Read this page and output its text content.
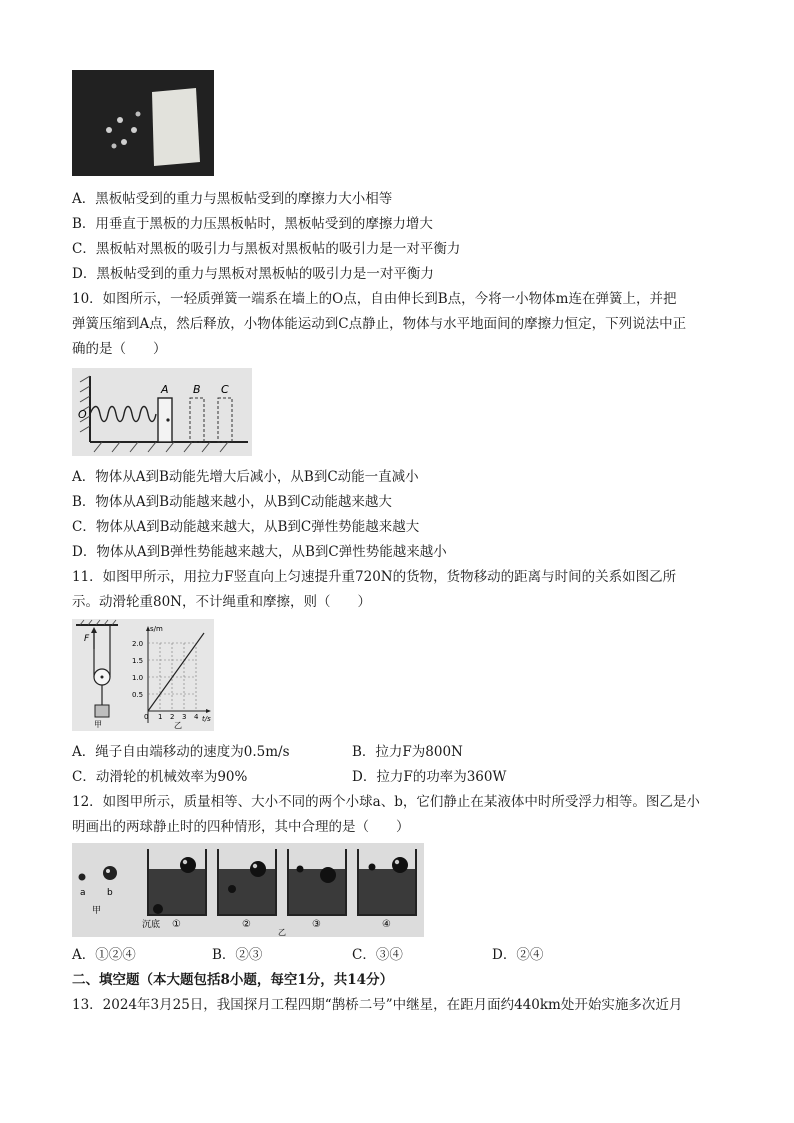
A．黑板帖受到的重力与黑板帖受到的摩擦力大小相等
B．用垂直于黑板的力压黑板帖时，黑板帖受到的摩擦力增大
C．黑板帖对黑板的吸引力与黑板对黑板帖的吸引力是一对平衡力
D．黑板帖受到的重力与黑板对黑板帖的吸引力是一对平衡力
10．如图所示，一轻质弹簧一端系在墙上的O点，自由伸长到B点，今将一小物体m连在弹簧上，并把
弹簧压缩到A点，然后释放，小物体能运动到C点静止，物体与水平地面间的摩擦力恒定，下列说法中正
确的是（　　）
O
A B C
A．物体从A到B动能先增大后减小，从B到C动能一直减小
B．物体从A到B动能越来越小，从B到C动能越来越大
C．物体从A到B动能越来越大，从B到C弹性势能越来越大
D．物体从A到B弹性势能越来越大，从B到C弹性势能越来越小
11．如图甲所示，用拉力F竖直向上匀速提升重720N的货物，货物移动的距离与时间的关系如图乙所
示。动滑轮重80N，不计绳重和摩擦，则（　　）
F
甲
s/m
t/s
2.0
1.5
1.0
0.5
0 1 2 3 4
乙
A．绳子自由端移动的速度为0.5m/s	B．拉力F为800N
C．动滑轮的机械效率为90%	D．拉力F的功率为360W
12．如图甲所示，质量相等、大小不同的两个小球a、b，它们静止在某液体中时所受浮力相等。图乙是小
明画出的两球静止时的四种情形，其中合理的是（　　）
a b
甲
沉底 ①	②	③	④
乙
A．①②④	B．②③	C．③④	D．②④
二、填空题（本大题包括8小题，每空1分，共14分）
13．2024年3月25日，我国探月工程四期“鹊桥二号”中继星，在距月面约440km处开始实施多次近月
